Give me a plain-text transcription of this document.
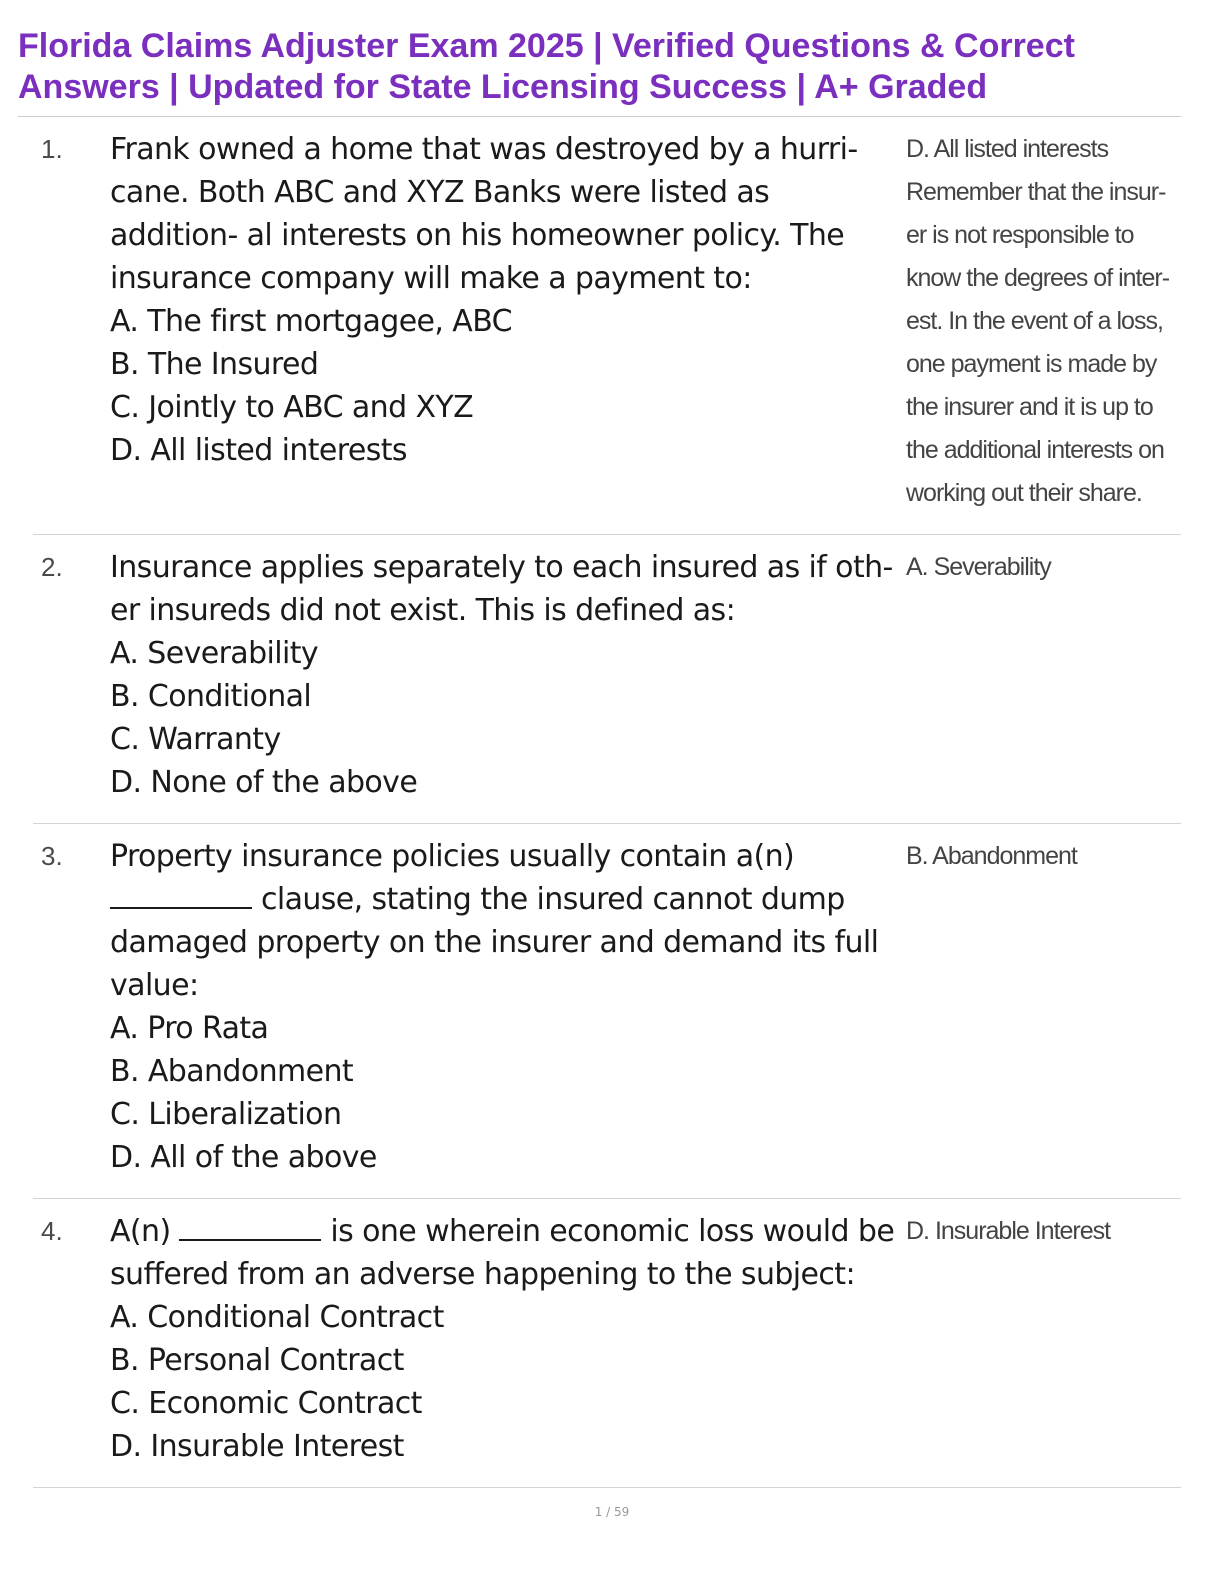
Florida Claims Adjuster Exam 2025 | Verified Questions & Correct
Answers | Updated for State Licensing Success | A+ Graded
1. Frank owned a home that was destroyed by a hurri- cane. Both ABC and XYZ Banks were listed as addition- al interests on his homeowner policy. The insurance company will make a payment to:
A. The first mortgagee, ABC
B. The Insured
C. Jointly to ABC and XYZ
D. All listed interests
D. All listed interests
Remember that the insur-
er is not responsible to
know the degrees of inter-
est. In the event of a loss,
one payment is made by
the insurer and it is up to
the additional interests on
working out their share.
2. Insurance applies separately to each insured as if oth- er insureds did not exist. This is defined as:
A. Severability
B. Conditional
C. Warranty
D. None of the above
A. Severability
3. Property insurance policies usually contain a(n)
clause, stating the insured cannot dump damaged property on the insurer and demand its full value:
A. Pro Rata
B. Abandonment
C. Liberalization
D. All of the above
B. Abandonment
4. A(n)	is one wherein economic loss would be suffered from an adverse happening to the subject:
A. Conditional Contract
B. Personal Contract
C. Economic Contract
D. Insurable Interest
D. Insurable Interest
1 / 59
